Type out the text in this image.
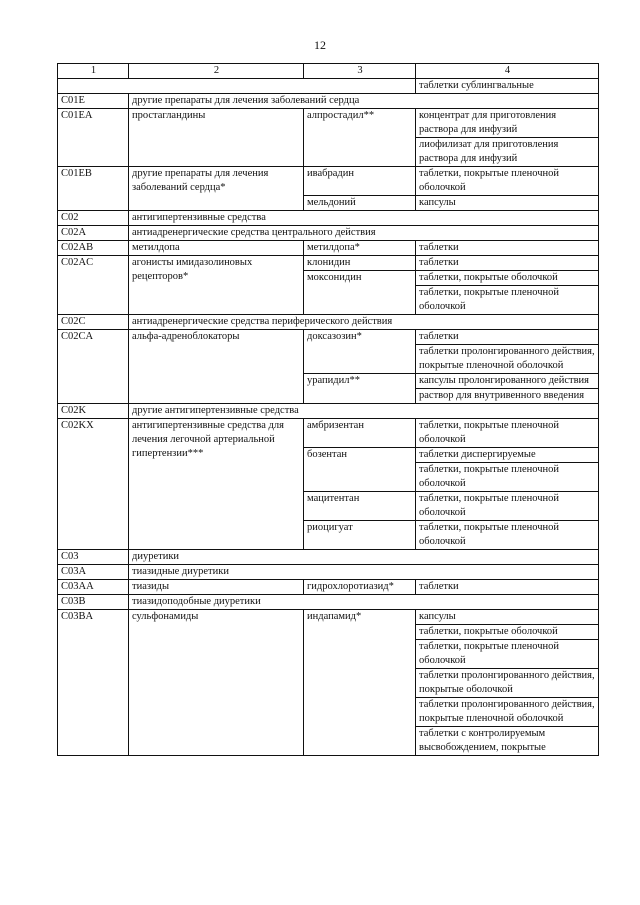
12
1	2	3	4
			таблетки сублингвальные
C01E	другие препараты для лечения заболеваний сердца		
C01EA	простагландины	алпростадил**	концентрат для приготовления раствора для инфузий
			лиофилизат для приготовления раствора для инфузий
C01EB	другие препараты для лечения заболеваний сердца*	ивабрадин	таблетки, покрытые пленочной оболочкой
		мельдоний	капсулы
C02	антигипертензивные средства		
C02A	антиадренергические средства центрального действия		
C02AB	метилдопа	метилдопа*	таблетки
C02AC	агонисты имидазолиновых рецепторов*	клонидин	таблетки
		моксонидин	таблетки, покрытые оболочкой
			таблетки, покрытые пленочной оболочкой
C02C	антиадренергические средства периферического действия		
C02CA	альфа-адреноблокаторы	доксазозин*	таблетки
			таблетки пролонгированного действия, покрытые пленочной оболочкой
		урапидил**	капсулы пролонгированного действия
			раствор для внутривенного введения
C02K	другие антигипертензивные средства		
C02KX	антигипертензивные средства для лечения легочной артериальной гипертензии***	амбризентан	таблетки, покрытые пленочной оболочкой
		бозентан	таблетки диспергируемые
			таблетки, покрытые пленочной оболочкой
		мацитентан	таблетки, покрытые пленочной оболочкой
		риоцигуат	таблетки, покрытые пленочной оболочкой
C03	диуретики		
C03A	тиазидные диуретики		
C03AA	тиазиды	гидрохлоротиазид*	таблетки
C03B	тиазидоподобные диуретики		
C03BA	сульфонамиды	индапамид*	капсулы
			таблетки, покрытые оболочкой
			таблетки, покрытые пленочной оболочкой
			таблетки пролонгированного действия, покрытые оболочкой
			таблетки пролонгированного действия, покрытые пленочной оболочкой
			таблетки с контролируемым высвобождением, покрытые
